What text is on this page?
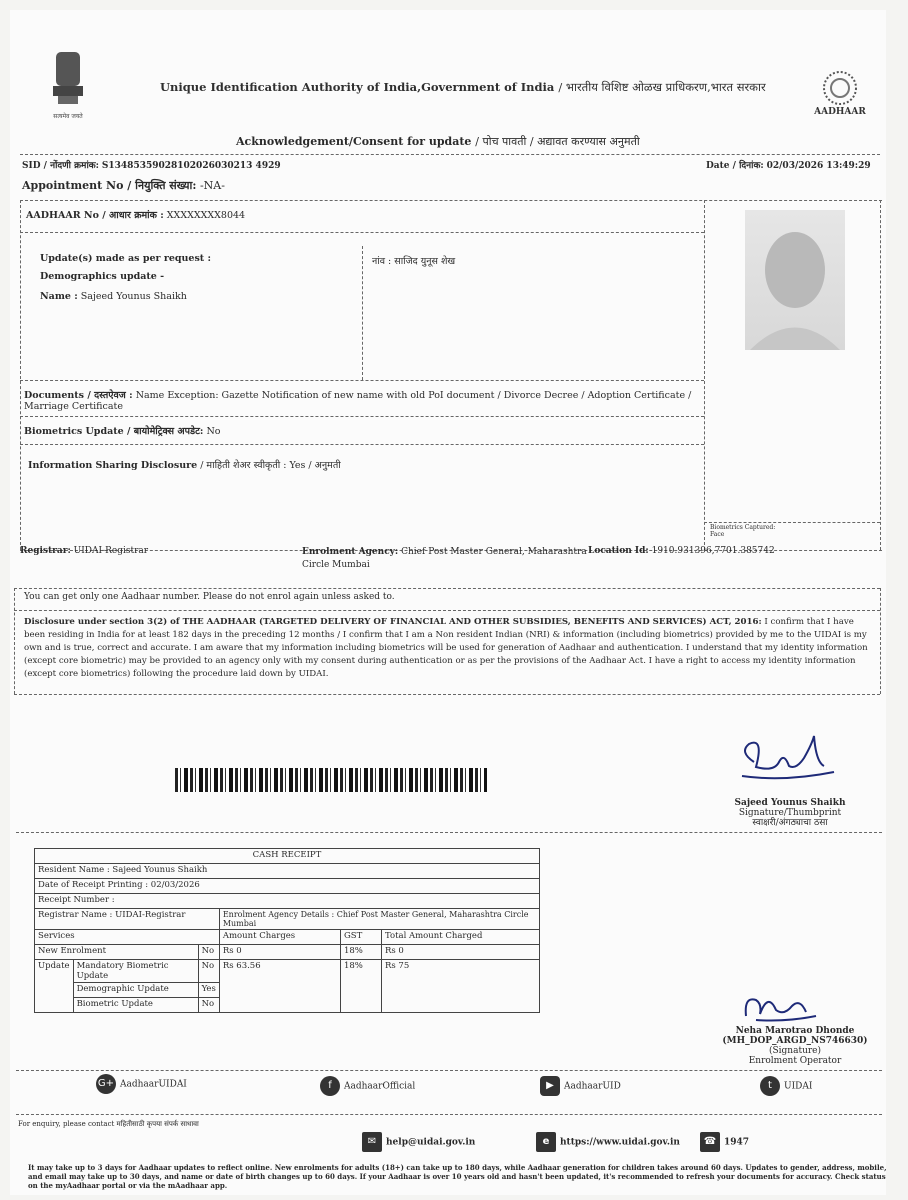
सत्यमेव जयते
Unique Identification Authority of India,Government of India / भारतीय विशिष्ट ओळख प्राधिकरण,भारत सरकार
AADHAAR
Acknowledgement/Consent for update / पोच पावती / अद्यावत करण्यास अनुमती
SID / नोंदणी क्रमांक: S13485359028102026030213 4929	Date / दिनांक: 02/03/2026 13:49:29
Appointment No / नियुक्ति संख्या: -NA-
AADHAAR No / आधार क्रमांक : XXXXXXXX8044
Update(s) made as per request :
Demographics update -
Name : Sajeed Younus Shaikh
नांव : साजिद युनूस शेख
Documents / दस्तऐवज : Name Exception: Gazette Notification of new name with old PoI document / Divorce Decree / Adoption Certificate / Marriage Certificate
Biometrics Update / बायोमेट्रिक्स अपडेट: No
Information Sharing Disclosure / माहिती शेअर स्वीकृती : Yes / अनुमती
Biometrics Captured:
Face
Registrar: UIDAI-Registrar	Enrolment Agency: Chief Post Master General, Maharashtra Circle Mumbai
Location Id: 1910.931396,7701.385742
You can get only one Aadhaar number. Please do not enrol again unless asked to.
Disclosure under section 3(2) of THE AADHAAR (TARGETED DELIVERY OF FINANCIAL AND OTHER SUBSIDIES, BENEFITS AND SERVICES) ACT, 2016: I confirm that I have been residing in India for at least 182 days in the preceding 12 months / I confirm that I am a Non resident Indian (NRI) & information (including biometrics) provided by me to the UIDAI is my own and is true, correct and accurate. I am aware that my information including biometrics will be used for generation of Aadhaar and authentication. I understand that my identity information (except core biometric) may be provided to an agency only with my consent during authentication or as per the provisions of the Aadhaar Act. I have a right to access my identity information (except core biometrics) following the procedure laid down by UIDAI.
Sajeed Younus Shaikh
Signature/Thumbprint
स्वाक्षरी/अंगठ्याचा ठसा
CASH RECEIPT					
Resident Name : Sajeed Younus Shaikh					
Date of Receipt Printing : 02/03/2026					
Receipt Number :					
Registrar Name : UIDAI-Registrar			Enrolment Agency Details : Chief Post Master General, Maharashtra Circle Mumbai		
Services			Amount Charges	GST	Total Amount Charged
New Enrolment		No	Rs 0	18%	Rs 0
Update	Mandatory Biometric Update	No	Rs 63.56	18%	Rs 75
	Demographic Update	Yes			
	Biometric Update	No			
Neha Marotrao Dhonde
(MH_DOP_ARGD_NS746630)
(Signature)
Enrolment Operator
G+ AadhaarUIDAI	f AadhaarOfficial	▶ AadhaarUID	t UIDAI
For enquiry, please contact महितीसाठी कृपया संपर्क साधावा
✉ help@uidai.gov.in	e https://www.uidai.gov.in	☎ 1947
It may take up to 3 days for Aadhaar updates to reflect online. New enrolments for adults (18+) can take up to 180 days, while Aadhaar generation for children takes around 60 days. Updates to gender, address, mobile, and email may take up to 30 days, and name or date of birth changes up to 60 days. If your Aadhaar is over 10 years old and hasn't been updated, it's recommended to refresh your documents for accuracy. Check status on the myAadhaar portal or via the mAadhaar app.
